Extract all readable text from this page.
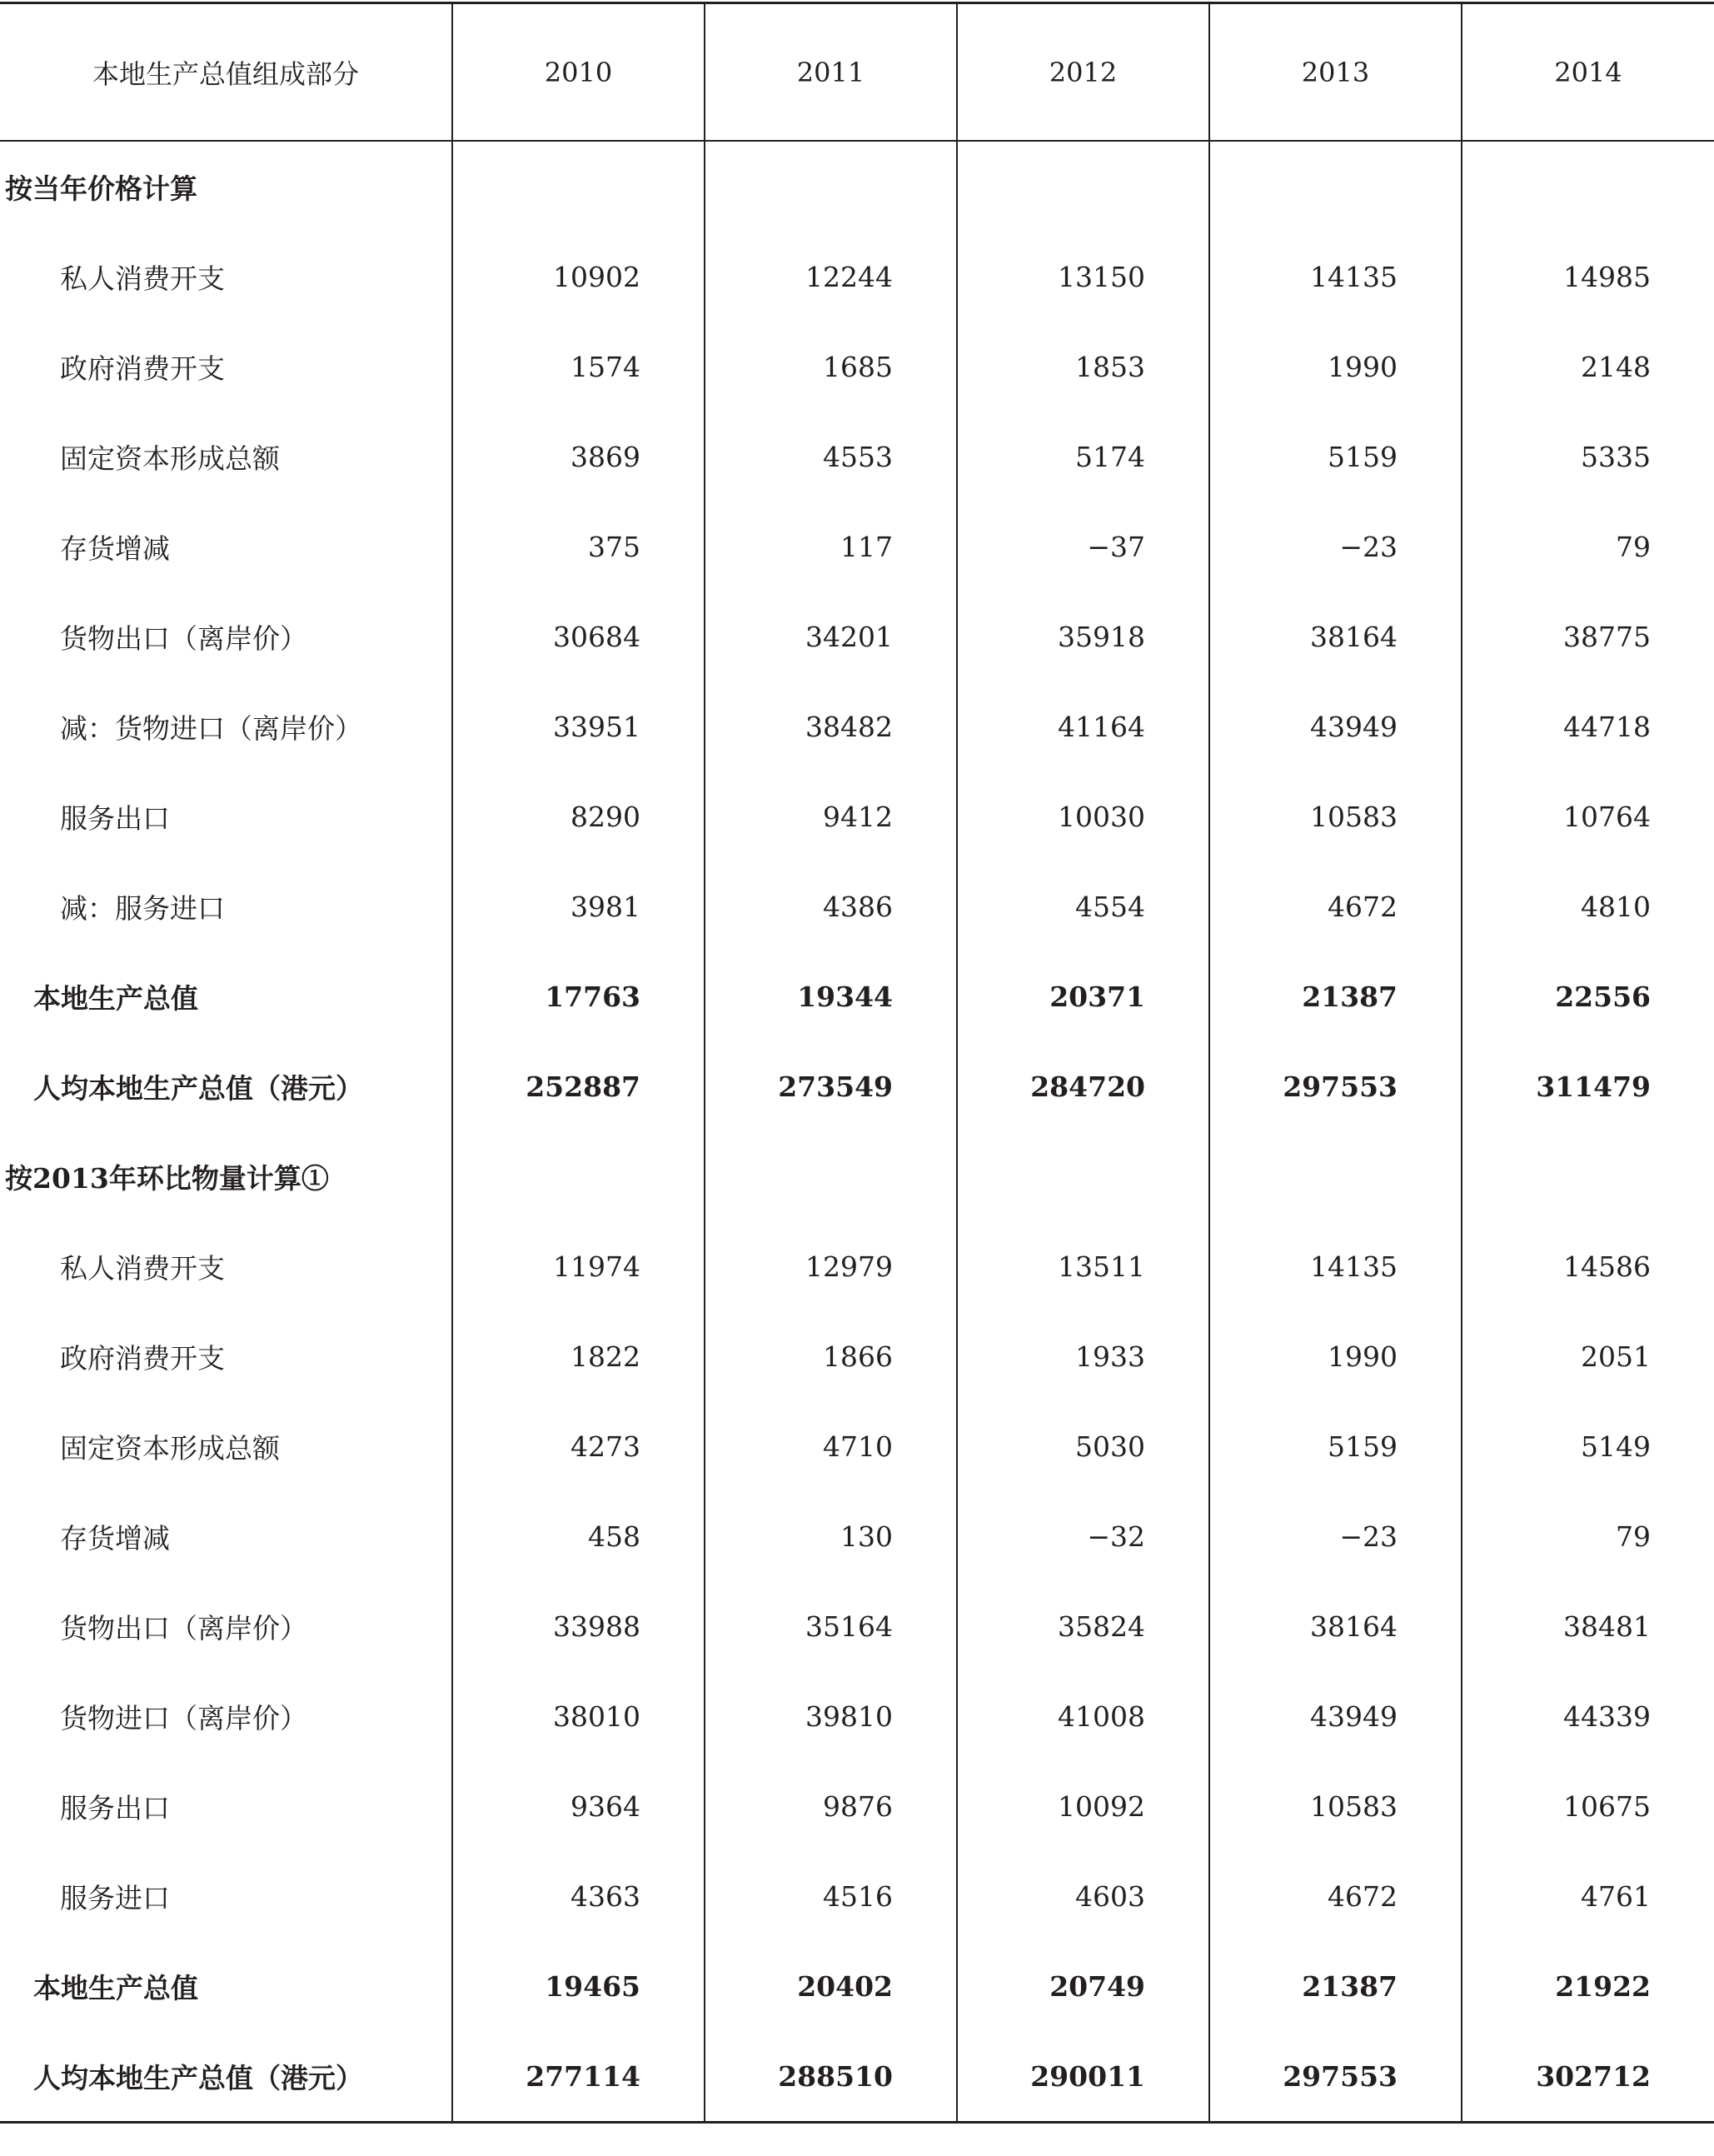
本地生产总值组成部分	2010	2011	2012	2013	2014
按当年价格计算					
私人消费开支	10902	12244	13150	14135	14985
政府消费开支	1574	1685	1853	1990	2148
固定资本形成总额	3869	4553	5174	5159	5335
存货增减	375	117	−37	−23	79
货物出口（离岸价）	30684	34201	35918	38164	38775
减：货物进口（离岸价）	33951	38482	41164	43949	44718
服务出口	8290	9412	10030	10583	10764
减：服务进口	3981	4386	4554	4672	4810
本地生产总值	17763	19344	20371	21387	22556
人均本地生产总值（港元）	252887	273549	284720	297553	311479
按2013年环比物量计算①					
私人消费开支	11974	12979	13511	14135	14586
政府消费开支	1822	1866	1933	1990	2051
固定资本形成总额	4273	4710	5030	5159	5149
存货增减	458	130	−32	−23	79
货物出口（离岸价）	33988	35164	35824	38164	38481
货物进口（离岸价）	38010	39810	41008	43949	44339
服务出口	9364	9876	10092	10583	10675
服务进口	4363	4516	4603	4672	4761
本地生产总值	19465	20402	20749	21387	21922
人均本地生产总值（港元）	277114	288510	290011	297553	302712
